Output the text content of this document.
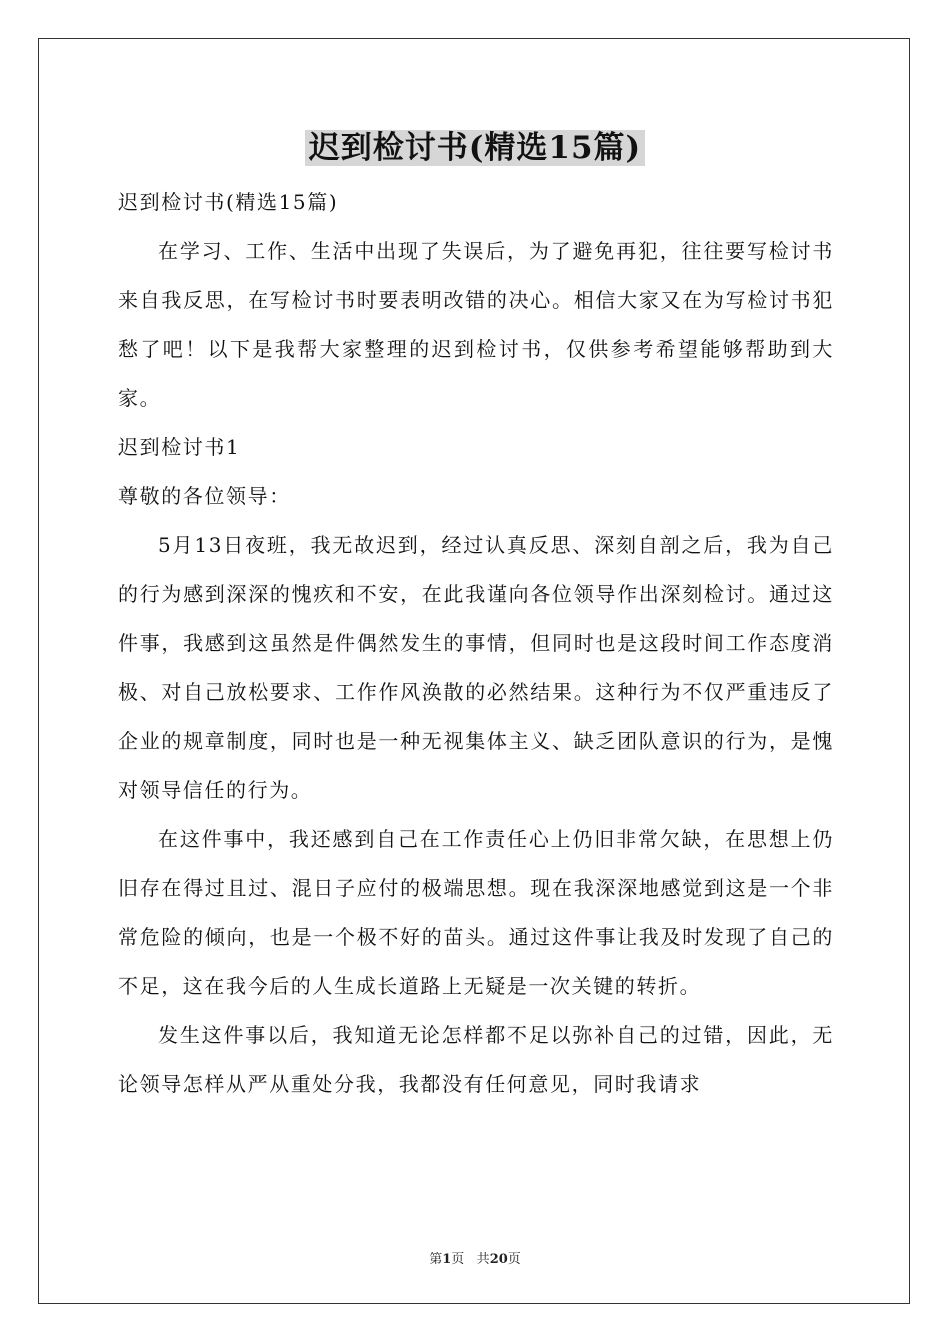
迟到检讨书(精选15篇)

迟到检讨书(精选15篇)

在学习、工作、生活中出现了失误后，为了避免再犯，往往要写检讨书来自我反思，在写检讨书时要表明改错的决心。相信大家又在为写检讨书犯愁了吧！以下是我帮大家整理的迟到检讨书，仅供参考希望能够帮助到大家。

迟到检讨书1

尊敬的各位领导：

5月13日夜班，我无故迟到，经过认真反思、深刻自剖之后，我为自己的行为感到深深的愧疚和不安，在此我谨向各位领导作出深刻检讨。通过这件事，我感到这虽然是件偶然发生的事情，但同时也是这段时间工作态度消极、对自己放松要求、工作作风涣散的必然结果。这种行为不仅严重违反了企业的规章制度，同时也是一种无视集体主义、缺乏团队意识的行为，是愧对领导信任的行为。

在这件事中，我还感到自己在工作责任心上仍旧非常欠缺，在思想上仍旧存在得过且过、混日子应付的极端思想。现在我深深地感觉到这是一个非常危险的倾向，也是一个极不好的苗头。通过这件事让我及时发现了自己的不足，这在我今后的人生成长道路上无疑是一次关键的转折。

发生这件事以后，我知道无论怎样都不足以弥补自己的过错，因此，无论领导怎样从严从重处分我，我都没有任何意见，同时我请求

第1页 共20页
